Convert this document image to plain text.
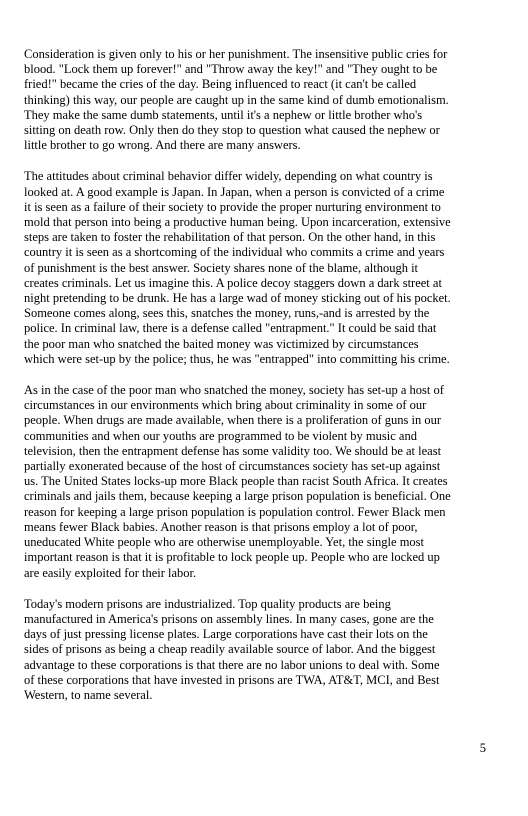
Consideration is given only to his or her punishment. The insensitive public cries for
blood. "Lock them up forever!" and "Throw away the key!" and "They ought to be
fried!" became the cries of the day. Being influenced to react (it can't be called
thinking) this way, our people are caught up in the same kind of dumb emotionalism.
They make the same dumb statements, until it's a nephew or little brother who's
sitting on death row. Only then do they stop to question what caused the nephew or
little brother to go wrong. And there are many answers.

The attitudes about criminal behavior differ widely, depending on what country is
looked at. A good example is Japan. In Japan, when a person is convicted of a crime
it is seen as a failure of their society to provide the proper nurturing environment to
mold that person into being a productive human being. Upon incarceration, extensive
steps are taken to foster the rehabilitation of that person. On the other hand, in this
country it is seen as a shortcoming of the individual who commits a crime and years
of punishment is the best answer. Society shares none of the blame, although it
creates criminals. Let us imagine this. A police decoy staggers down a dark street at
night pretending to be drunk. He has a large wad of money sticking out of his pocket.
Someone comes along, sees this, snatches the money, runs,-and is arrested by the
police. In criminal law, there is a defense called "entrapment." It could be said that
the poor man who snatched the baited money was victimized by circumstances
which were set-up by the police; thus, he was "entrapped" into committing his crime.

As in the case of the poor man who snatched the money, society has set-up a host of
circumstances in our environments which bring about criminality in some of our
people. When drugs are made available, when there is a proliferation of guns in our
communities and when our youths are programmed to be violent by music and
television, then the entrapment defense has some validity too. We should be at least
partially exonerated because of the host of circumstances society has set-up against
us. The United States locks-up more Black people than racist South Africa. It creates
criminals and jails them, because keeping a large prison population is beneficial. One
reason for keeping a large prison population is population control. Fewer Black men
means fewer Black babies. Another reason is that prisons employ a lot of poor,
uneducated White people who are otherwise unemployable. Yet, the single most
important reason is that it is profitable to lock people up. People who are locked up
are easily exploited for their labor.

Today's modern prisons are industrialized. Top quality products are being
manufactured in America's prisons on assembly lines. In many cases, gone are the
days of just pressing license plates. Large corporations have cast their lots on the
sides of prisons as being a cheap readily available source of labor. And the biggest
advantage to these corporations is that there are no labor unions to deal with. Some
of these corporations that have invested in prisons are TWA, AT&T, MCI, and Best
Western, to name several.

5
